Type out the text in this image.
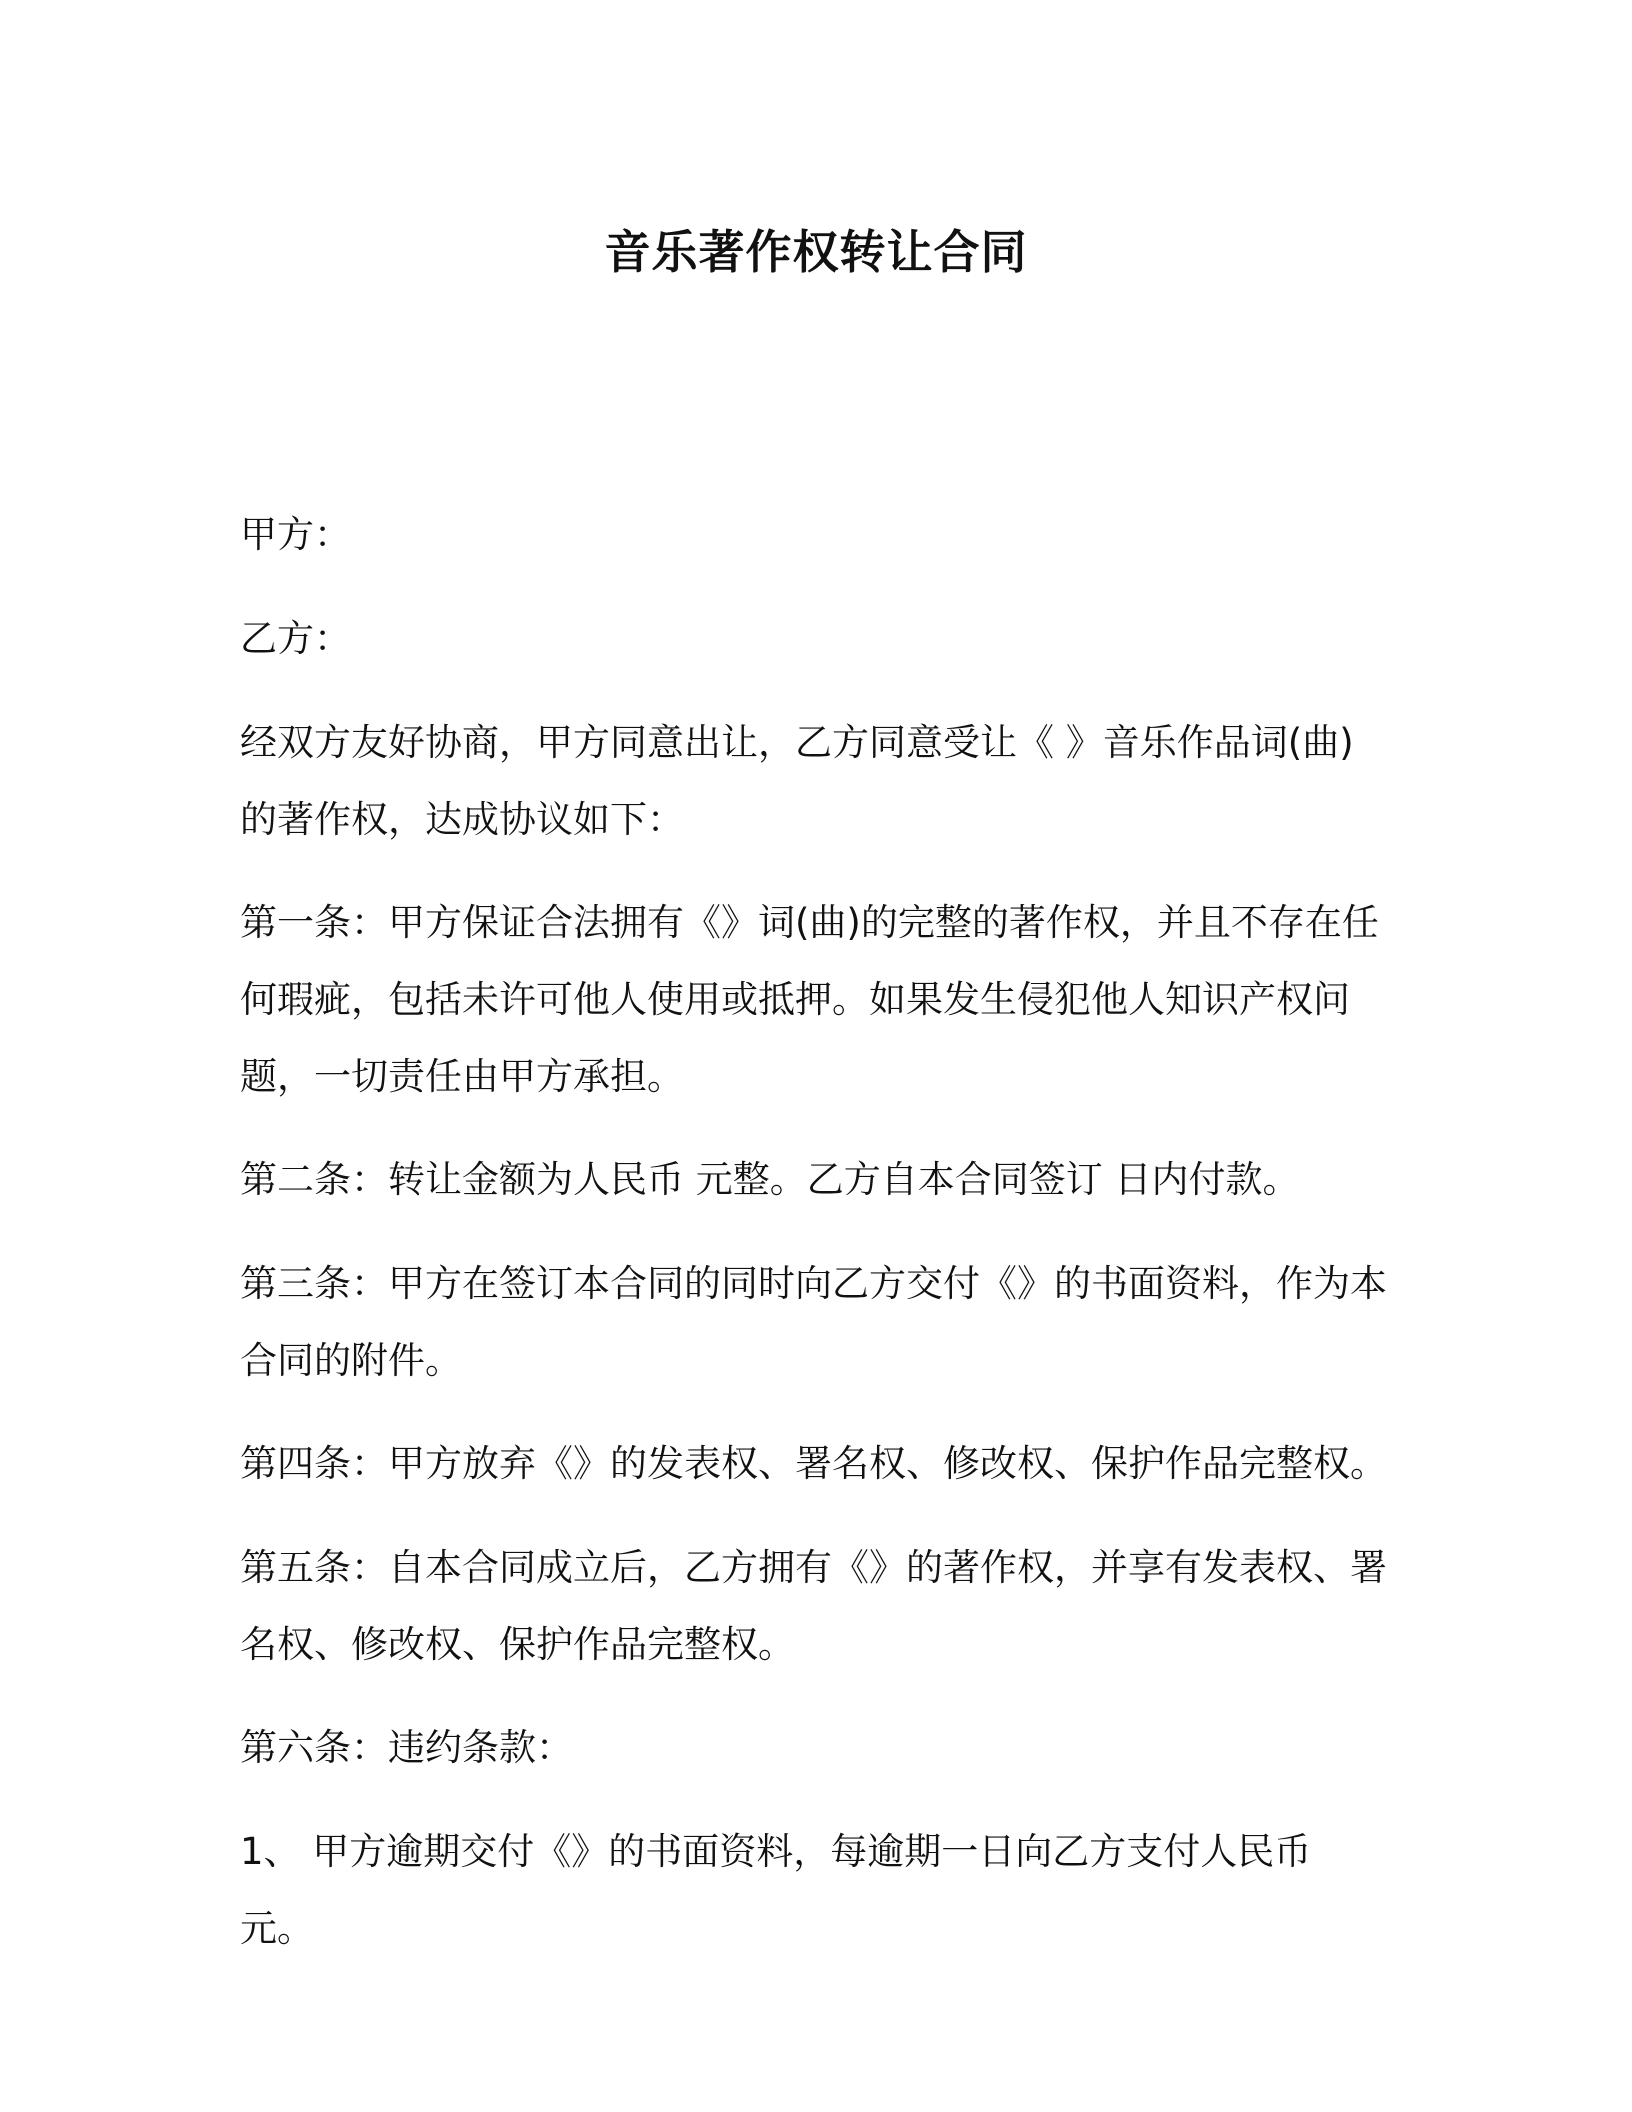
音乐著作权转让合同

甲方：

乙方：

经双方友好协商，甲方同意出让，乙方同意受让《 》音乐作品词(曲)的著作权，达成协议如下：

第一条：甲方保证合法拥有《》词(曲)的完整的著作权，并且不存在任何瑕疵，包括未许可他人使用或抵押。如果发生侵犯他人知识产权问题，一切责任由甲方承担。

第二条：转让金额为人民币 元整。乙方自本合同签订 日内付款。

第三条：甲方在签订本合同的同时向乙方交付《》的书面资料，作为本合同的附件。

第四条：甲方放弃《》的发表权、署名权、修改权、保护作品完整权。

第五条：自本合同成立后，乙方拥有《》的著作权，并享有发表权、署名权、修改权、保护作品完整权。

第六条：违约条款：

1、 甲方逾期交付《》的书面资料，每逾期一日向乙方支付人民币 元。
